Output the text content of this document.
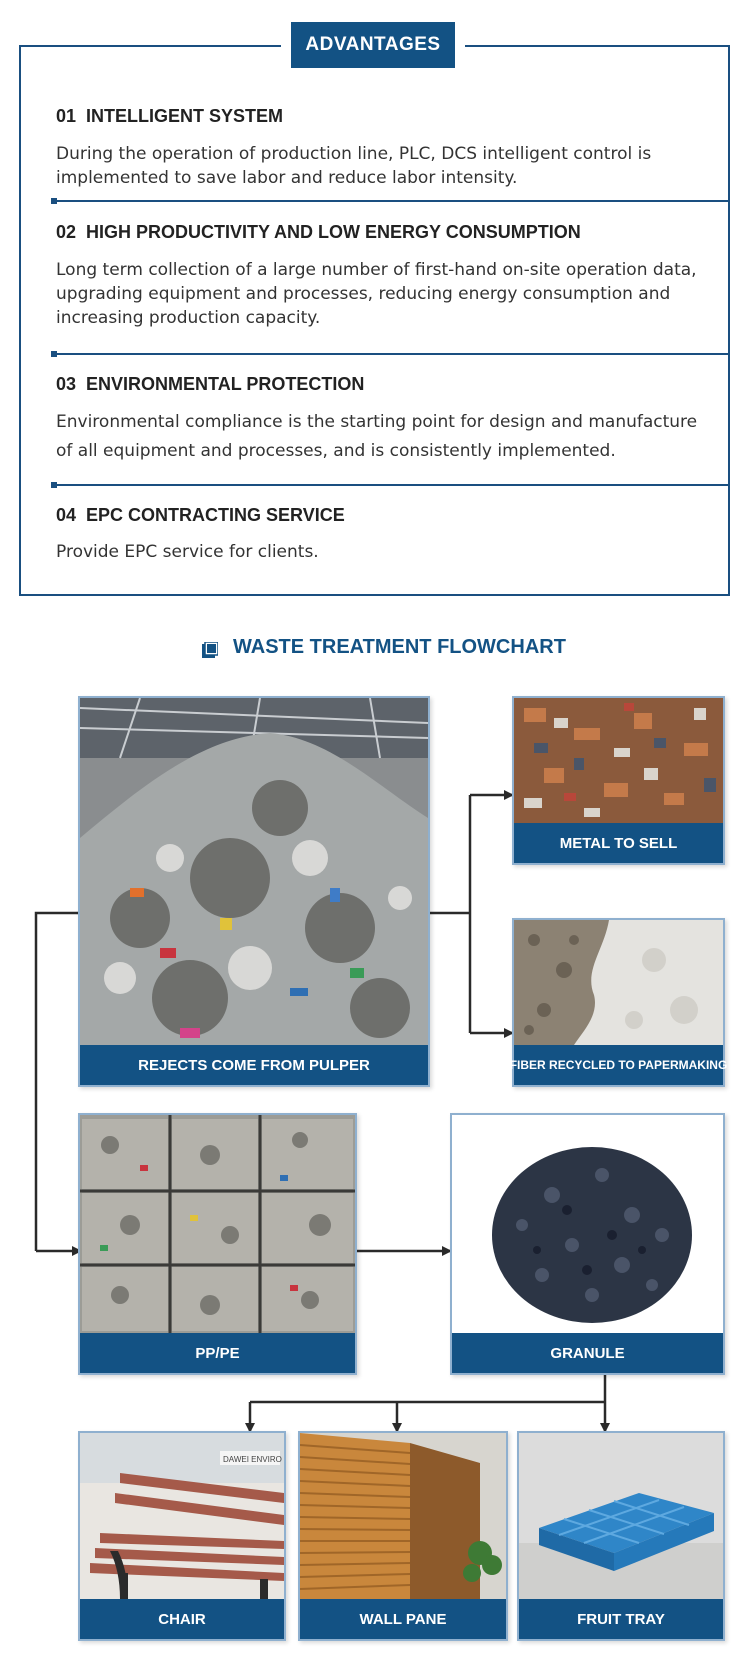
ADVANTAGES
01 INTELLIGENT SYSTEM
During the operation of production line, PLC, DCS intelligent control is implemented to save labor and reduce labor intensity.
02 HIGH PRODUCTIVITY AND LOW ENERGY CONSUMPTION
Long term collection of a large number of first-hand on-site operation data, upgrading equipment and processes, reducing energy consumption and increasing production capacity.
03 ENVIRONMENTAL PROTECTION
Environmental compliance is the starting point for design and manufacture of all equipment and processes, and is consistently implemented.
04 EPC CONTRACTING SERVICE
Provide EPC service for clients.
WASTE TREATMENT FLOWCHART
REJECTS COME FROM PULPER
METAL TO SELL
FIBER RECYCLED TO PAPERMAKING
PP/PE	GRANULE
DAWEI ENVIRO
CHAIR	WALL PANE	FRUIT TRAY
